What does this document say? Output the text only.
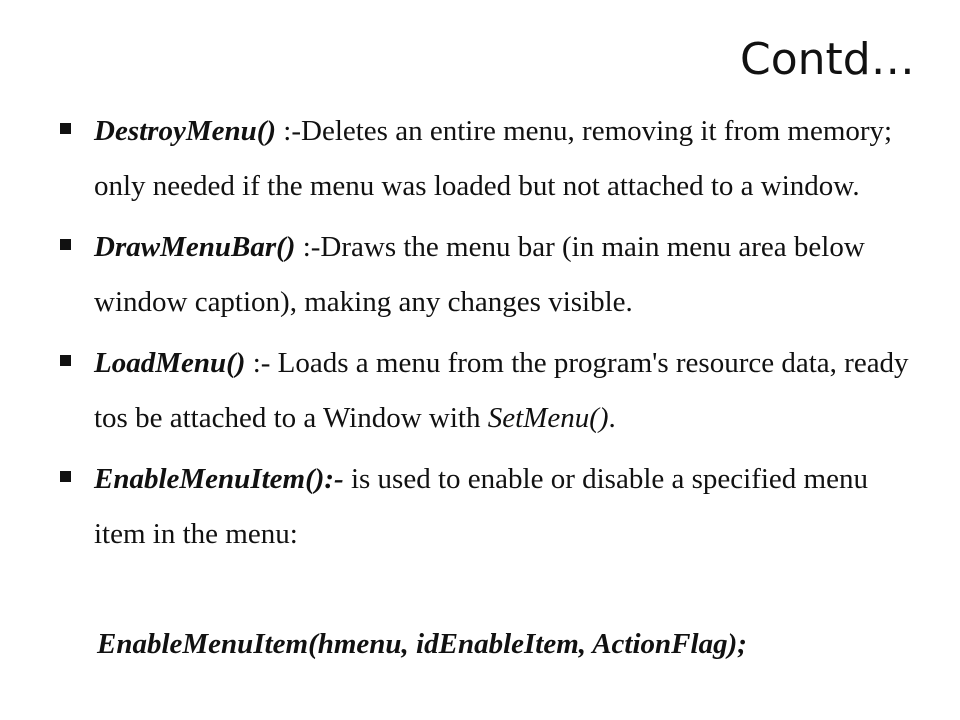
Contd…
DestroyMenu() :-Deletes an entire menu, removing it from memory; only needed if the menu was loaded but not attached to a window.
DrawMenuBar() :-Draws the menu bar (in main menu area below window caption), making any changes visible.
LoadMenu() :- Loads a menu from the program's resource data, ready tos be attached to a Window with SetMenu().
EnableMenuItem():- is used to enable or disable a specified menu item in the menu:
EnableMenuItem(hmenu, idEnableItem, ActionFlag);
